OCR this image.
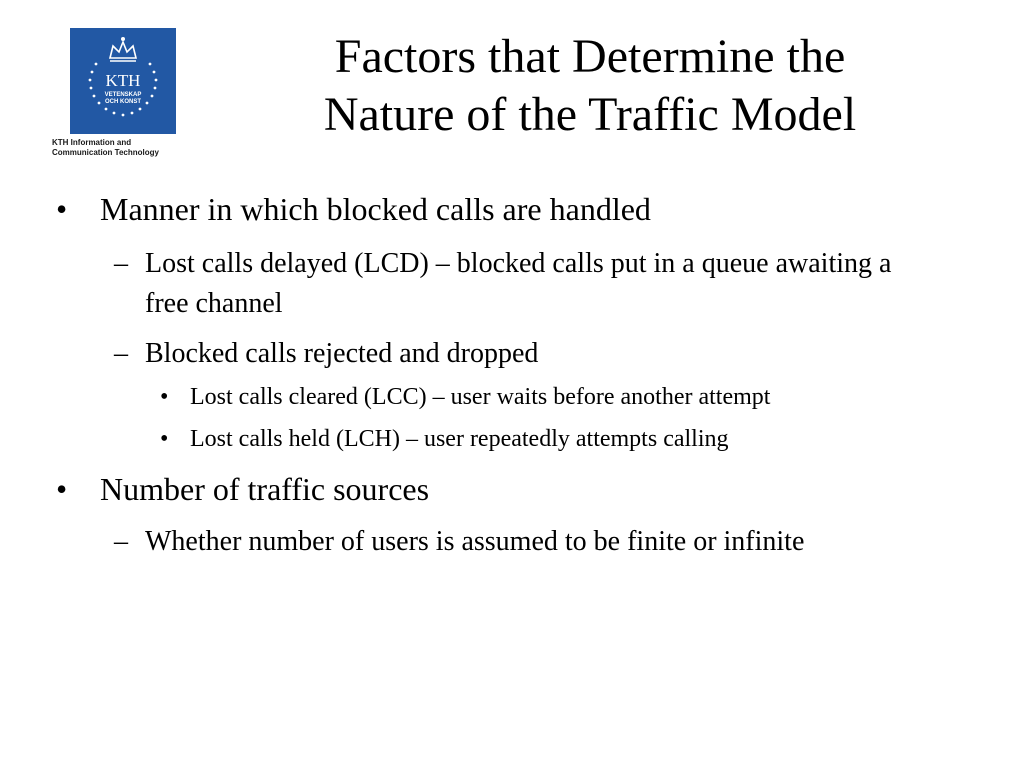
KTH
VETENSKAP
OCH KONST
KTH Information and
Communication Technology
Factors that Determine the
Nature of the Traffic Model
• Manner in which blocked calls are handled
– Lost calls delayed (LCD) – blocked calls put in a queue awaiting a free channel
– Blocked calls rejected and dropped
• Lost calls cleared (LCC) – user waits before another attempt
• Lost calls held (LCH) – user repeatedly attempts calling
• Number of traffic sources
– Whether number of users is assumed to be finite or infinite
